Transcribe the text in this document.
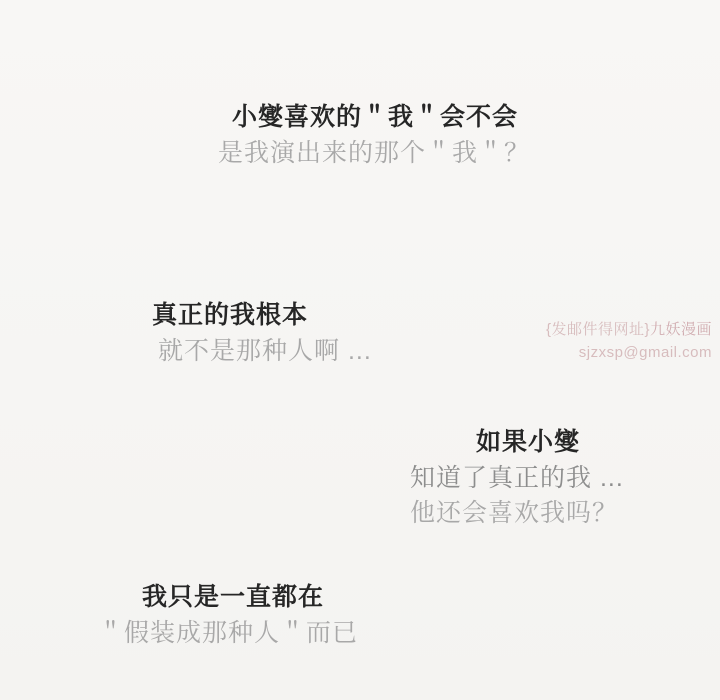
小燮喜欢的＂我＂会不会
是我演出来的那个＂我＂？
真正的我根本
就不是那种人啊 ...
如果小燮
知道了真正的我 ...
他还会喜欢我吗？
我只是一直都在
＂假装成那种人＂而已
{发邮件得网址}九妖漫画
sjzxsp@gmail.com
